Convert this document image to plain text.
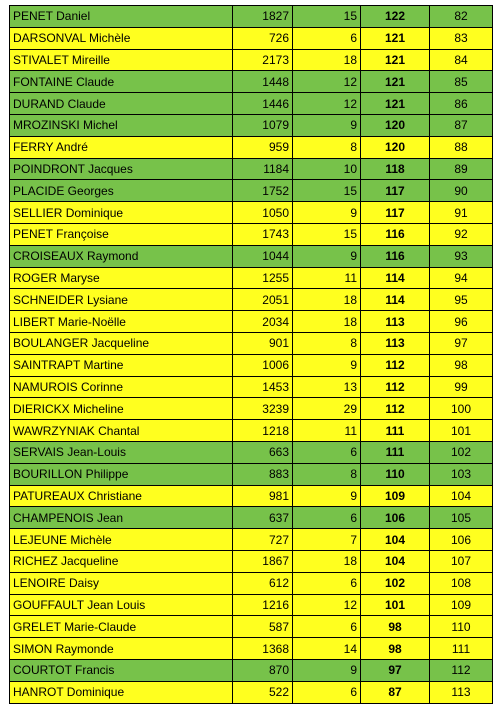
PENET Daniel	1827	15	122	82
DARSONVAL Michèle	726	6	121	83
STIVALET Mireille	2173	18	121	84
FONTAINE Claude	1448	12	121	85
DURAND Claude	1446	12	121	86
MROZINSKI Michel	1079	9	120	87
FERRY André	959	8	120	88
POINDRONT Jacques	1184	10	118	89
PLACIDE Georges	1752	15	117	90
SELLIER Dominique	1050	9	117	91
PENET Françoise	1743	15	116	92
CROISEAUX Raymond	1044	9	116	93
ROGER Maryse	1255	11	114	94
SCHNEIDER Lysiane	2051	18	114	95
LIBERT Marie-Noëlle	2034	18	113	96
BOULANGER Jacqueline	901	8	113	97
SAINTRAPT Martine	1006	9	112	98
NAMUROIS Corinne	1453	13	112	99
DIERICKX Micheline	3239	29	112	100
WAWRZYNIAK Chantal	1218	11	111	101
SERVAIS Jean-Louis	663	6	111	102
BOURILLON Philippe	883	8	110	103
PATUREAUX Christiane	981	9	109	104
CHAMPENOIS Jean	637	6	106	105
LEJEUNE Michèle	727	7	104	106
RICHEZ Jacqueline	1867	18	104	107
LENOIRE Daisy	612	6	102	108
GOUFFAULT Jean Louis	1216	12	101	109
GRELET Marie-Claude	587	6	98	110
SIMON Raymonde	1368	14	98	111
COURTOT Francis	870	9	97	112
HANROT Dominique	522	6	87	113
